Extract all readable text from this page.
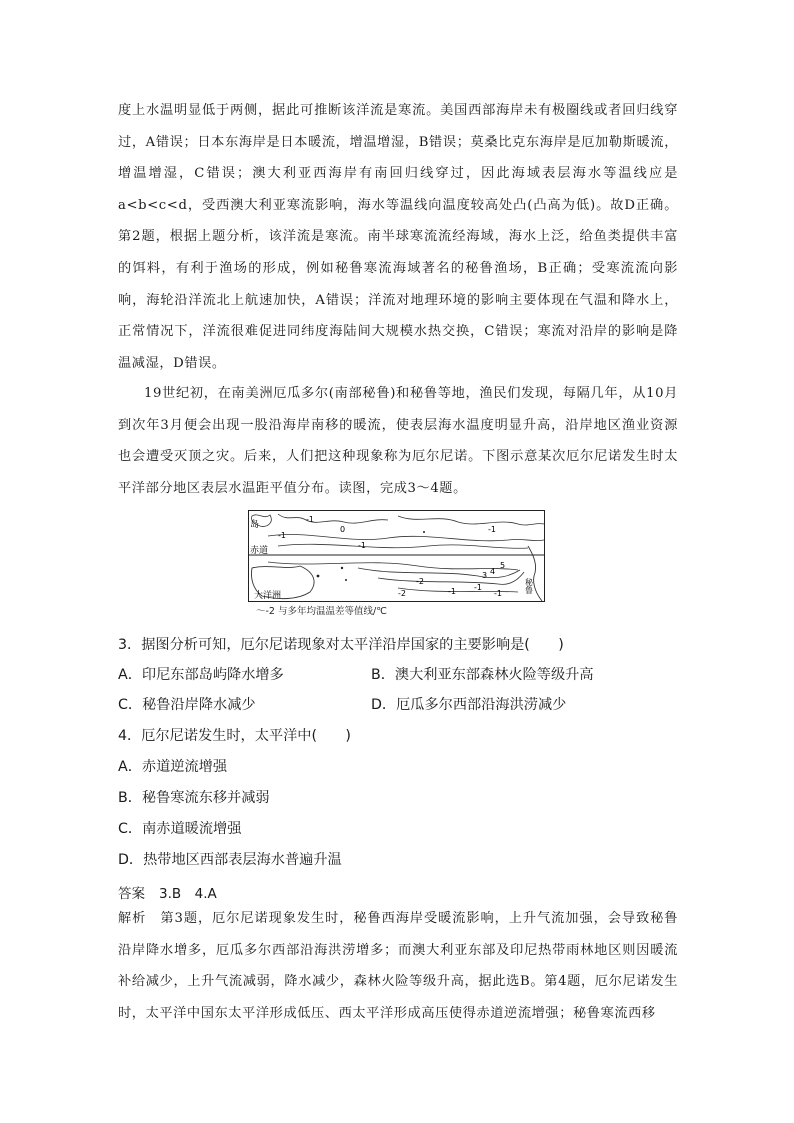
度上水温明显低于两侧，据此可推断该洋流是寒流。美国西部海岸未有极圈线或者回归线穿过，A错误；日本东海岸是日本暖流，增温增湿，B错误；莫桑比克东海岸是厄加勒斯暖流，增温增湿，C错误；澳大利亚西海岸有南回归线穿过，因此海域表层海水等温线应是a<b<c<d，受西澳大利亚寒流影响，海水等温线向温度较高处凸(凸高为低)。故D正确。第2题，根据上题分析，该洋流是寒流。南半球寒流流经海域，海水上泛，给鱼类提供丰富的饵料，有利于渔场的形成，例如秘鲁寒流海域著名的秘鲁渔场，B正确；受寒流流向影响，海轮沿洋流北上航速加快，A错误；洋流对地理环境的影响主要体现在气温和降水上，正常情况下，洋流很难促进同纬度海陆间大规模水热交换，C错误；寒流对沿岸的影响是降温减湿，D错误。

19世纪初，在南美洲厄瓜多尔(南部秘鲁)和秘鲁等地，渔民们发现，每隔几年，从10月到次年3月便会出现一股沿海岸南移的暖流，使表层海水温度明显升高，沿岸地区渔业资源也会遭受灭顶之灾。后来，人们把这种现象称为厄尔尼诺。下图示意某次厄尔尼诺发生时太平洋部分地区表层水温距平值分布。读图，完成3～4题。

岛
赤道
大洋洲
秘鲁
-1
-1
0
-1
-1
5
4
3
-2	-1
-2
-1
-1
〜-2 与多年均温温差等值线/℃

3．据图分析可知，厄尔尼诺现象对太平洋沿岸国家的主要影响是(　　)

A．印尼东部岛屿降水增多	B．澳大利亚东部森林火险等级升高

C．秘鲁沿岸降水减少	D．厄瓜多尔西部沿海洪涝减少

4．厄尔尼诺发生时，太平洋中(　　)

A．赤道逆流增强

B．秘鲁寒流东移并减弱

C．南赤道暖流增强

D．热带地区西部表层海水普遍升温

答案 3.B　4.A

解析　第3题，厄尔尼诺现象发生时，秘鲁西海岸受暖流影响，上升气流加强，会导致秘鲁沿岸降水增多，厄瓜多尔西部沿海洪涝增多；而澳大利亚东部及印尼热带雨林地区则因暖流补给减少，上升气流减弱，降水减少，森林火险等级升高，据此选B。第4题，厄尔尼诺发生时，太平洋中国东太平洋形成低压、西太平洋形成高压使得赤道逆流增强；秘鲁寒流西移
